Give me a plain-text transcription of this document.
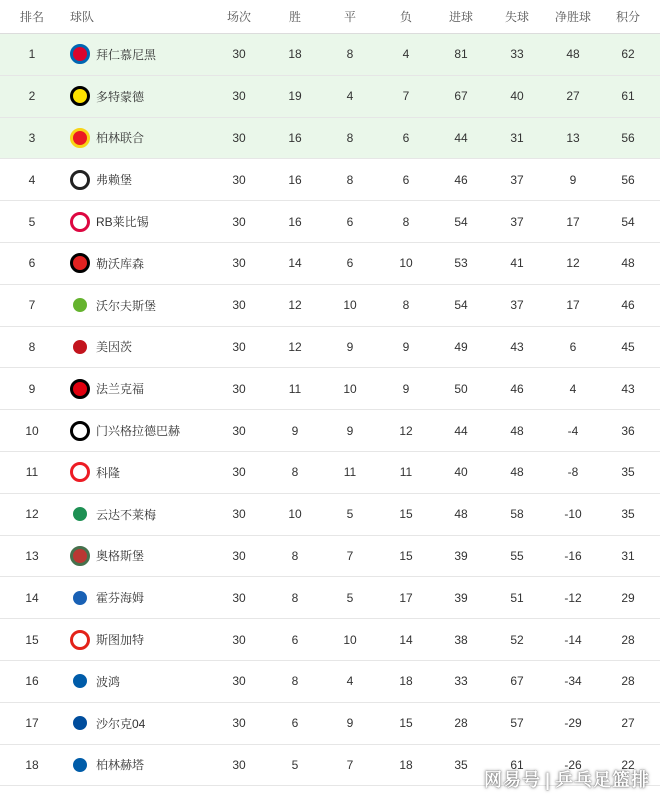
排名	球队	场次	胜	平	负	进球	失球	净胜球	积分
1	拜仁慕尼黑	30	18	8	4	81	33	48	62
2	多特蒙德	30	19	4	7	67	40	27	61
3	柏林联合	30	16	8	6	44	31	13	56
4	弗赖堡	30	16	8	6	46	37	9	56
5	RB莱比锡	30	16	6	8	54	37	17	54
6	勒沃库森	30	14	6	10	53	41	12	48
7	沃尔夫斯堡	30	12	10	8	54	37	17	46
8	美因茨	30	12	9	9	49	43	6	45
9	法兰克福	30	11	10	9	50	46	4	43
10	门兴格拉德巴赫	30	9	9	12	44	48	-4	36
11	科隆	30	8	11	11	40	48	-8	35
12	云达不莱梅	30	10	5	15	48	58	-10	35
13	奥格斯堡	30	8	7	15	39	55	-16	31
14	霍芬海姆	30	8	5	17	39	51	-12	29
15	斯图加特	30	6	10	14	38	52	-14	28
16	波鸿	30	8	4	18	33	67	-34	28
17	沙尔克04	30	6	9	15	28	57	-29	27
18	柏林赫塔	30	5	7	18	35	61	-26	22
网易号 | 乒乓足篮排
